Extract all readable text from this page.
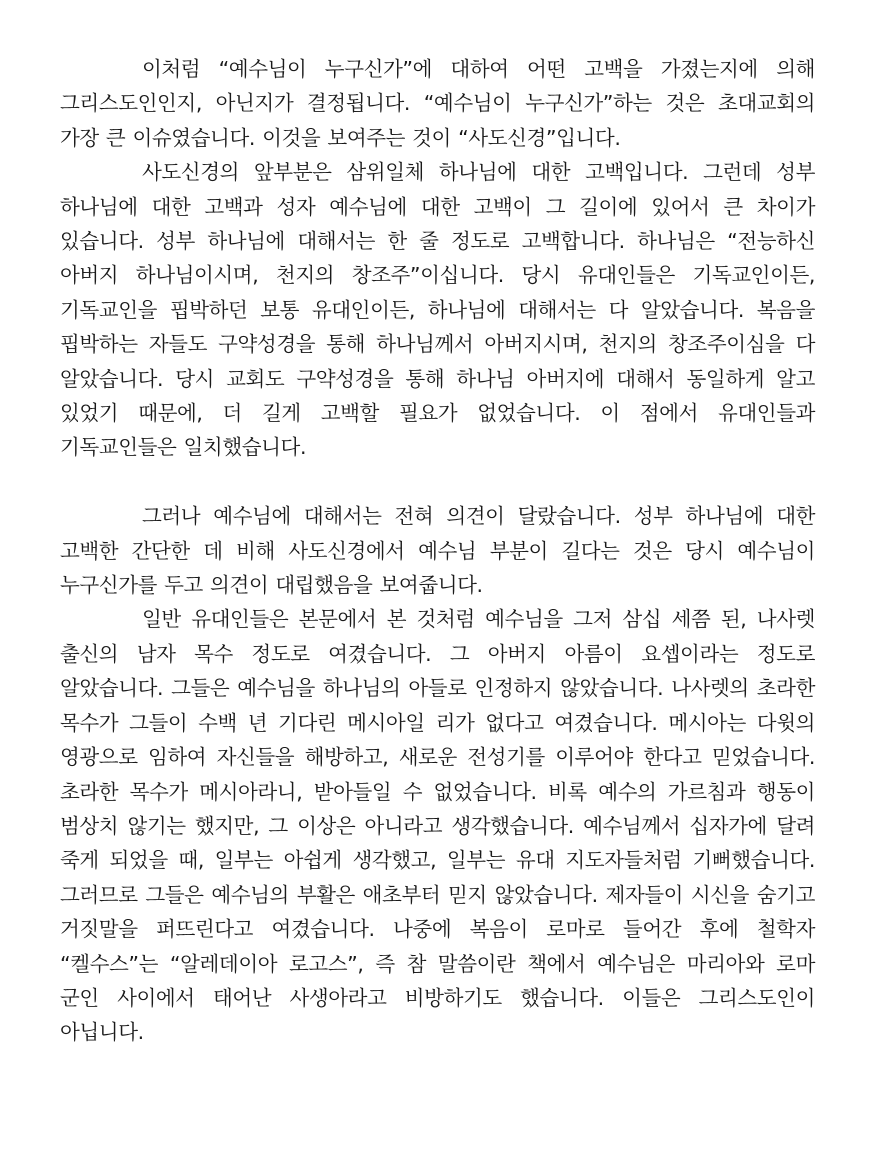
이처럼 “예수님이 누구신가”에 대하여 어떤 고백을 가졌는지에 의해 그리스도인인지, 아닌지가 결정됩니다. “예수님이 누구신가”하는 것은 초대교회의 가장 큰 이슈였습니다. 이것을 보여주는 것이 “사도신경”입니다.

사도신경의 앞부분은 삼위일체 하나님에 대한 고백입니다. 그런데 성부 하나님에 대한 고백과 성자 예수님에 대한 고백이 그 길이에 있어서 큰 차이가 있습니다. 성부 하나님에 대해서는 한 줄 정도로 고백합니다. 하나님은 “전능하신 아버지 하나님이시며, 천지의 창조주”이십니다. 당시 유대인들은 기독교인이든, 기독교인을 핍박하던 보통 유대인이든, 하나님에 대해서는 다 알았습니다. 복음을 핍박하는 자들도 구약성경을 통해 하나님께서 아버지시며, 천지의 창조주이심을 다 알았습니다. 당시 교회도 구약성경을 통해 하나님 아버지에 대해서 동일하게 알고 있었기 때문에, 더 길게 고백할 필요가 없었습니다. 이 점에서 유대인들과 기독교인들은 일치했습니다.

그러나 예수님에 대해서는 전혀 의견이 달랐습니다. 성부 하나님에 대한 고백한 간단한 데 비해 사도신경에서 예수님 부분이 길다는 것은 당시 예수님이 누구신가를 두고 의견이 대립했음을 보여줍니다.

일반 유대인들은 본문에서 본 것처럼 예수님을 그저 삼십 세쯤 된, 나사렛 출신의 남자 목수 정도로 여겼습니다. 그 아버지 아름이 요셉이라는 정도로 알았습니다. 그들은 예수님을 하나님의 아들로 인정하지 않았습니다. 나사렛의 초라한 목수가 그들이 수백 년 기다린 메시아일 리가 없다고 여겼습니다. 메시아는 다윗의 영광으로 임하여 자신들을 해방하고, 새로운 전성기를 이루어야 한다고 믿었습니다. 초라한 목수가 메시아라니, 받아들일 수 없었습니다. 비록 예수의 가르침과 행동이 범상치 않기는 했지만, 그 이상은 아니라고 생각했습니다. 예수님께서 십자가에 달려 죽게 되었을 때, 일부는 아쉽게 생각했고, 일부는 유대 지도자들처럼 기뻐했습니다. 그러므로 그들은 예수님의 부활은 애초부터 믿지 않았습니다. 제자들이 시신을 숨기고 거짓말을 퍼뜨린다고 여겼습니다. 나중에 복음이 로마로 들어간 후에 철학자 “켈수스”는 “알레데이아 로고스”, 즉 참 말씀이란 책에서 예수님은 마리아와 로마 군인 사이에서 태어난 사생아라고 비방하기도 했습니다. 이들은 그리스도인이 아닙니다.
